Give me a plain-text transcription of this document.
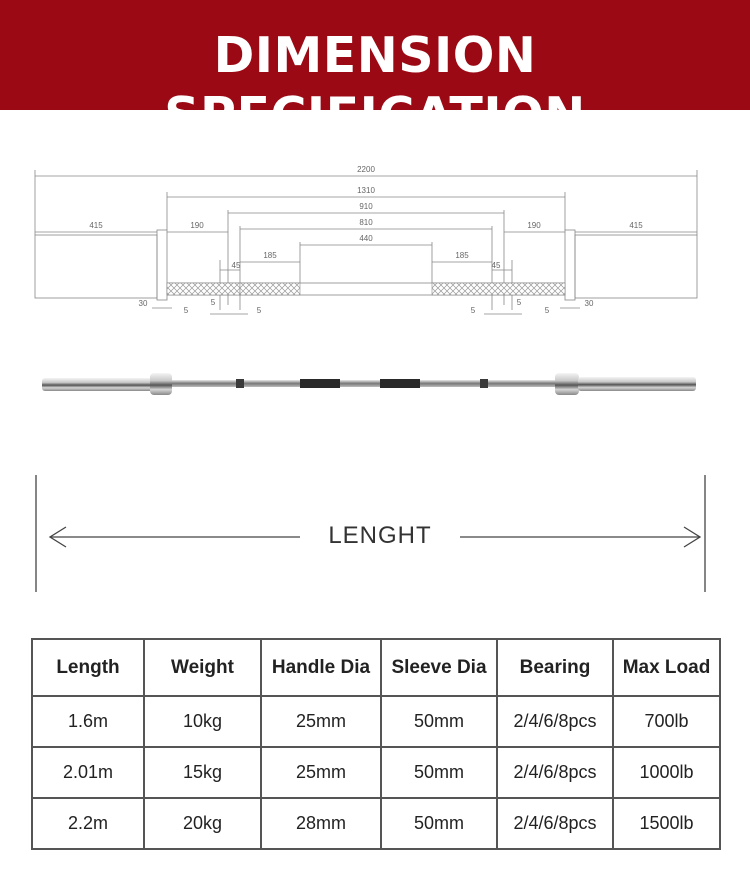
DIMENSION SPECIFICATION
2200
1310
910
810
440
415	415
190	190
185	185
45	45
30	30
5
5
5	5
5
5
LENGHT
Length	Weight	Handle Dia	Sleeve Dia	Bearing	Max Load
1.6m	10kg	25mm	50mm	2/4/6/8pcs	700lb
2.01m	15kg	25mm	50mm	2/4/6/8pcs	1000lb
2.2m	20kg	28mm	50mm	2/4/6/8pcs	1500lb
